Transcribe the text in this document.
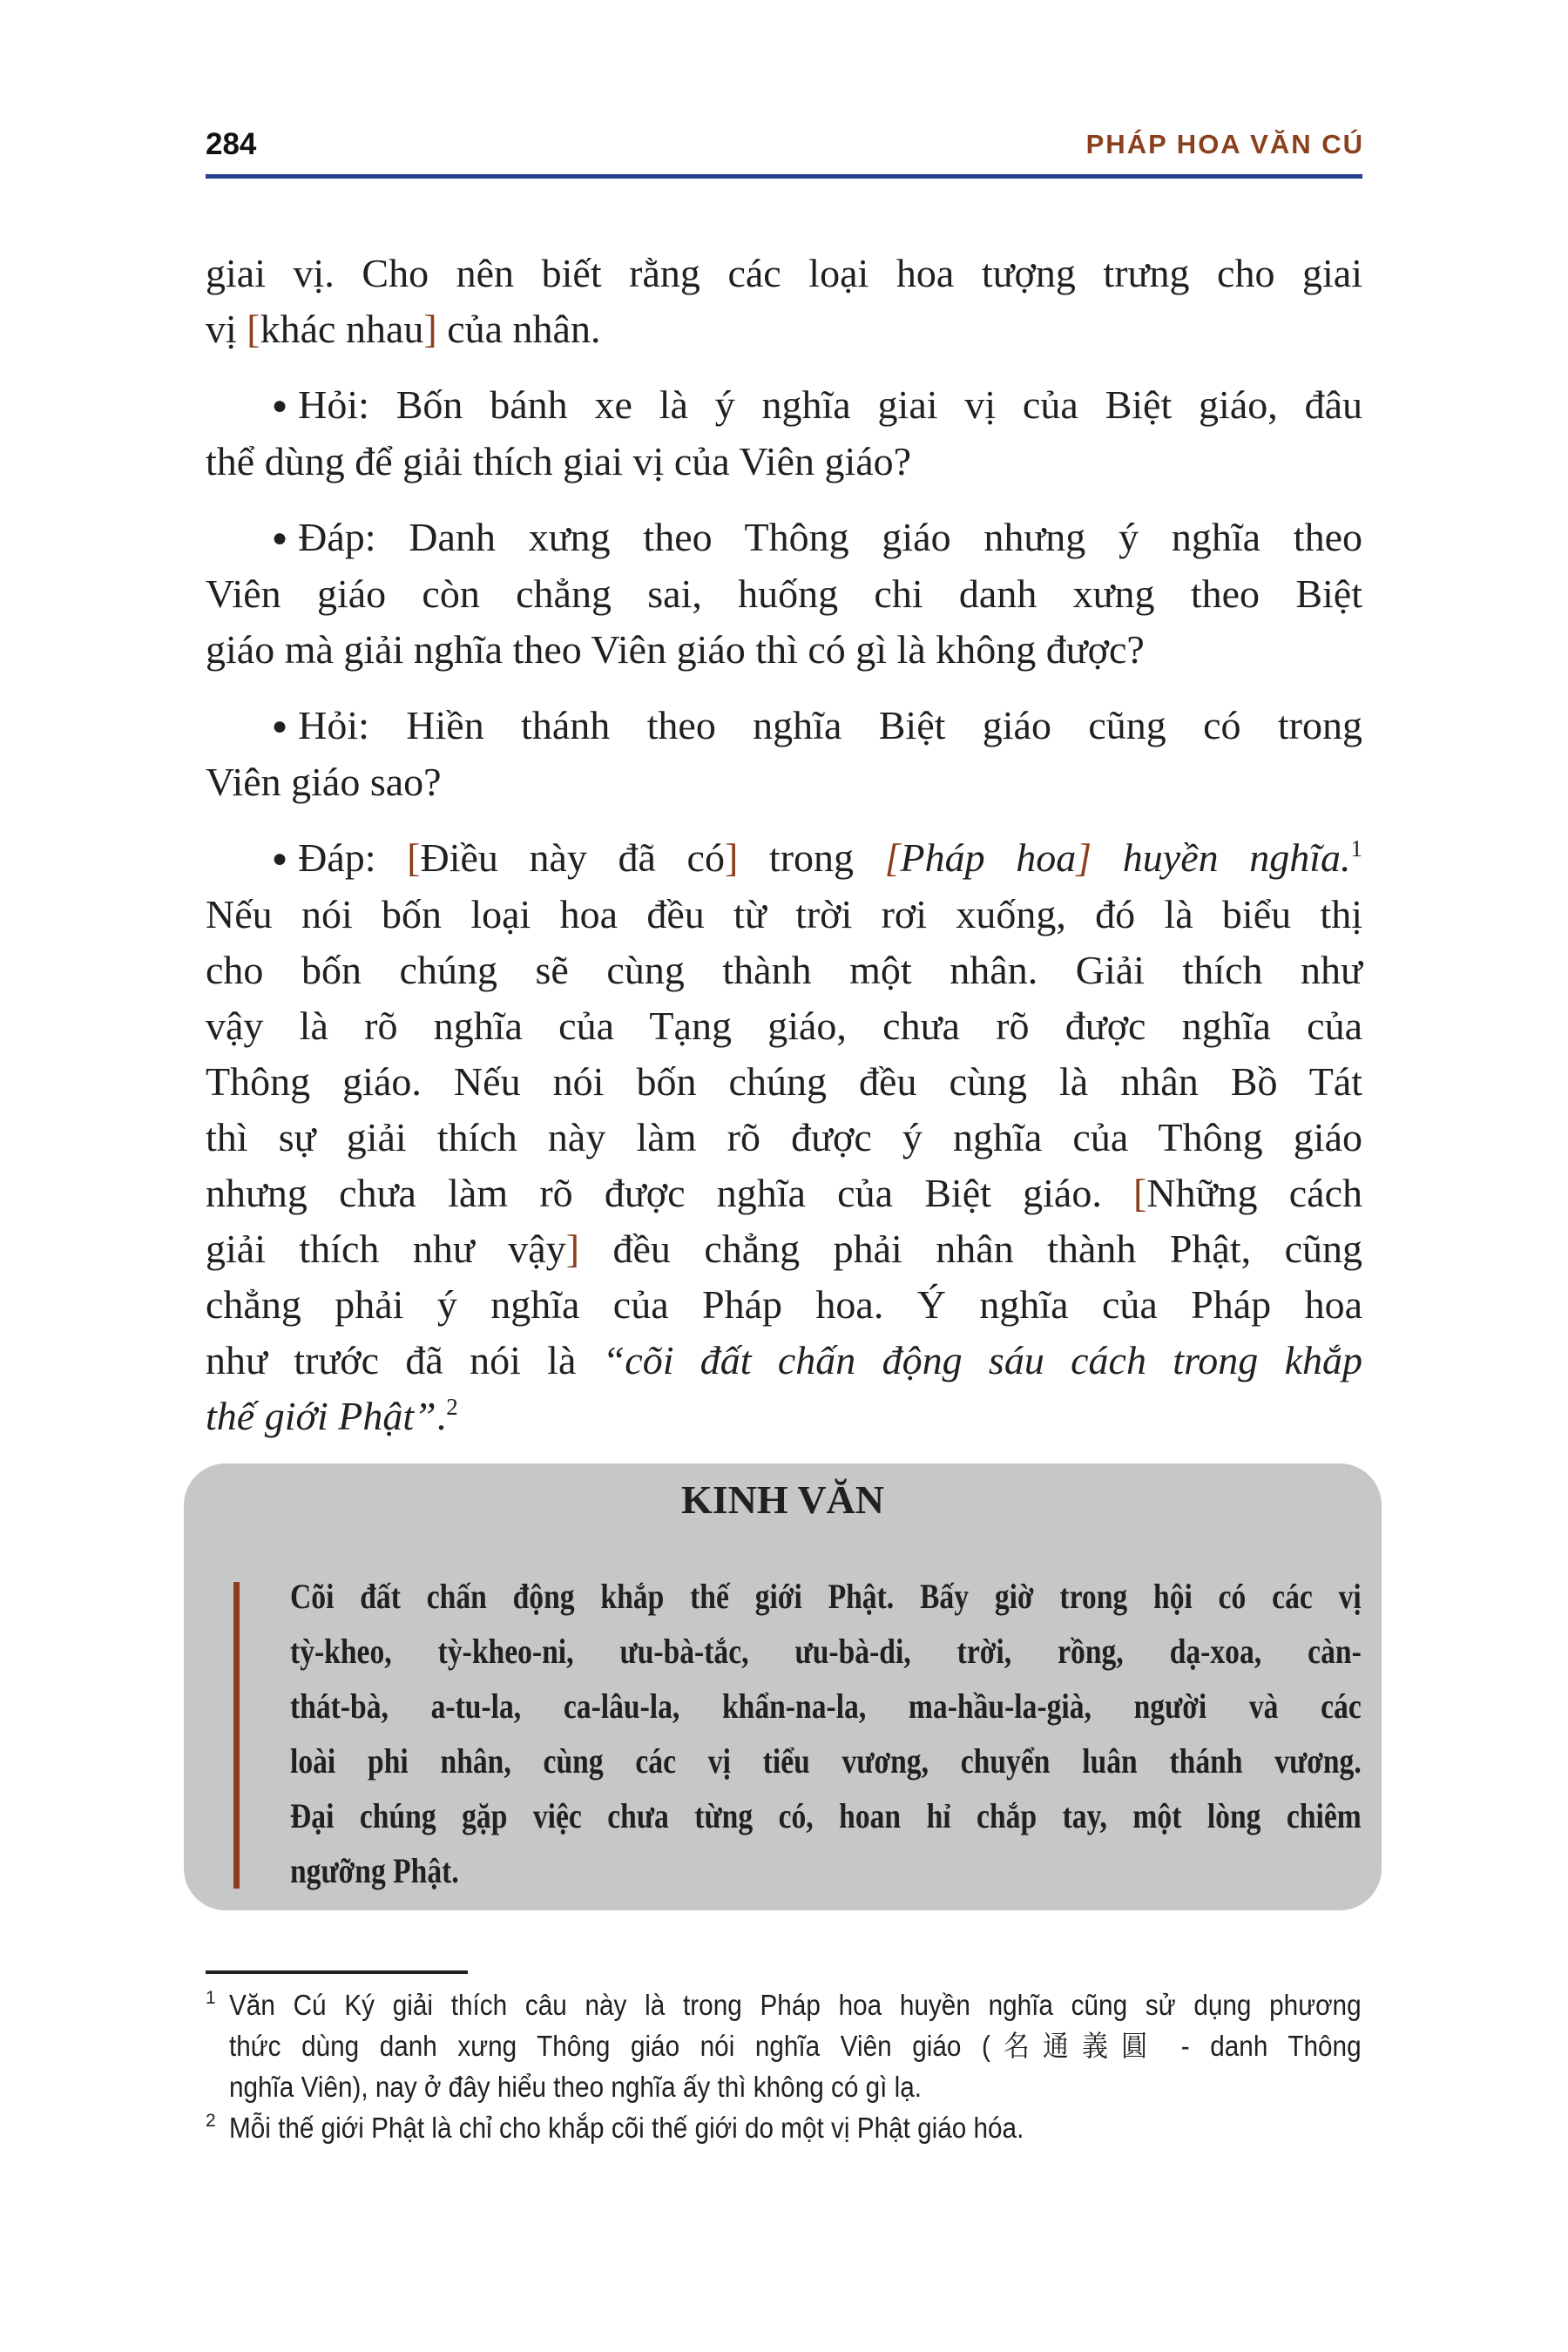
284	PHÁP HOA VĂN CÚ
giai vị. Cho nên biết rằng các loại hoa tượng trưng cho giai
vị [khác nhau] của nhân.
● Hỏi: Bốn bánh xe là ý nghĩa giai vị của Biệt giáo, đâu
thể dùng để giải thích giai vị của Viên giáo?
● Đáp: Danh xưng theo Thông giáo nhưng ý nghĩa theo
Viên giáo còn chẳng sai, huống chi danh xưng theo Biệt
giáo mà giải nghĩa theo Viên giáo thì có gì là không được?
● Hỏi: Hiền thánh theo nghĩa Biệt giáo cũng có trong
Viên giáo sao?
● Đáp: [Điều này đã có] trong [Pháp hoa] huyền nghĩa.$^1$
Nếu nói bốn loại hoa đều từ trời rơi xuống, đó là biểu thị
cho bốn chúng sẽ cùng thành một nhân. Giải thích như
vậy là rõ nghĩa của Tạng giáo, chưa rõ được nghĩa của
Thông giáo. Nếu nói bốn chúng đều cùng là nhân Bồ Tát
thì sự giải thích này làm rõ được ý nghĩa của Thông giáo
nhưng chưa làm rõ được nghĩa của Biệt giáo. [Những cách
giải thích như vậy] đều chẳng phải nhân thành Phật, cũng
chẳng phải ý nghĩa của Pháp hoa. Ý nghĩa của Pháp hoa
như trước đã nói là “cõi đất chấn động sáu cách trong khắp
thế giới Phật”.$^2$
KINH VĂN
Cõi đất chấn động khắp thế giới Phật. Bấy giờ trong hội có các vị
tỳ-kheo, tỳ-kheo-ni, ưu-bà-tắc, ưu-bà-di, trời, rồng, dạ-xoa, càn-
thát-bà, a-tu-la, ca-lâu-la, khẩn-na-la, ma-hầu-la-già, người và các
loài phi nhân, cùng các vị tiểu vương, chuyển luân thánh vương.
Đại chúng gặp việc chưa từng có, hoan hỉ chắp tay, một lòng chiêm
ngưỡng Phật.
1 Văn Cú Ký giải thích câu này là trong Pháp hoa huyền nghĩa cũng sử dụng phương
thức dùng danh xưng Thông giáo nói nghĩa Viên giáo (名通義圓 - danh Thông
nghĩa Viên), nay ở đây hiểu theo nghĩa ấy thì không có gì lạ.
2 Mỗi thế giới Phật là chỉ cho khắp cõi thế giới do một vị Phật giáo hóa.
